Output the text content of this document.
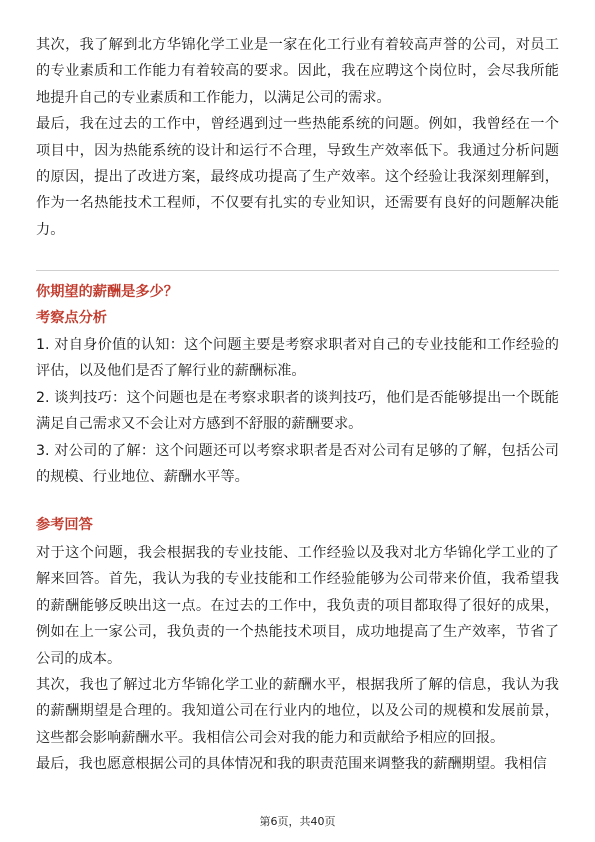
其次，我了解到北方华锦化学工业是一家在化工行业有着较高声誉的公司，对员工的专业素质和工作能力有着较高的要求。因此，我在应聘这个岗位时，会尽我所能地提升自己的专业素质和工作能力，以满足公司的需求。

最后，我在过去的工作中，曾经遇到过一些热能系统的问题。例如，我曾经在一个项目中，因为热能系统的设计和运行不合理，导致生产效率低下。我通过分析问题的原因，提出了改进方案，最终成功提高了生产效率。这个经验让我深刻理解到，作为一名热能技术工程师，不仅要有扎实的专业知识，还需要有良好的问题解决能力。

你期望的薪酬是多少？
考察点分析

1. 对自身价值的认知：这个问题主要是考察求职者对自己的专业技能和工作经验的评估，以及他们是否了解行业的薪酬标准。

2. 谈判技巧：这个问题也是在考察求职者的谈判技巧，他们是否能够提出一个既能满足自己需求又不会让对方感到不舒服的薪酬要求。

3. 对公司的了解：这个问题还可以考察求职者是否对公司有足够的了解，包括公司的规模、行业地位、薪酬水平等。

参考回答

对于这个问题，我会根据我的专业技能、工作经验以及我对北方华锦化学工业的了解来回答。首先，我认为我的专业技能和工作经验能够为公司带来价值，我希望我的薪酬能够反映出这一点。在过去的工作中，我负责的项目都取得了很好的成果，例如在上一家公司，我负责的一个热能技术项目，成功地提高了生产效率，节省了公司的成本。

其次，我也了解过北方华锦化学工业的薪酬水平，根据我所了解的信息，我认为我的薪酬期望是合理的。我知道公司在行业内的地位，以及公司的规模和发展前景，这些都会影响薪酬水平。我相信公司会对我的能力和贡献给予相应的回报。

最后，我也愿意根据公司的具体情况和我的职责范围来调整我的薪酬期望。我相信

第6页，共40页
